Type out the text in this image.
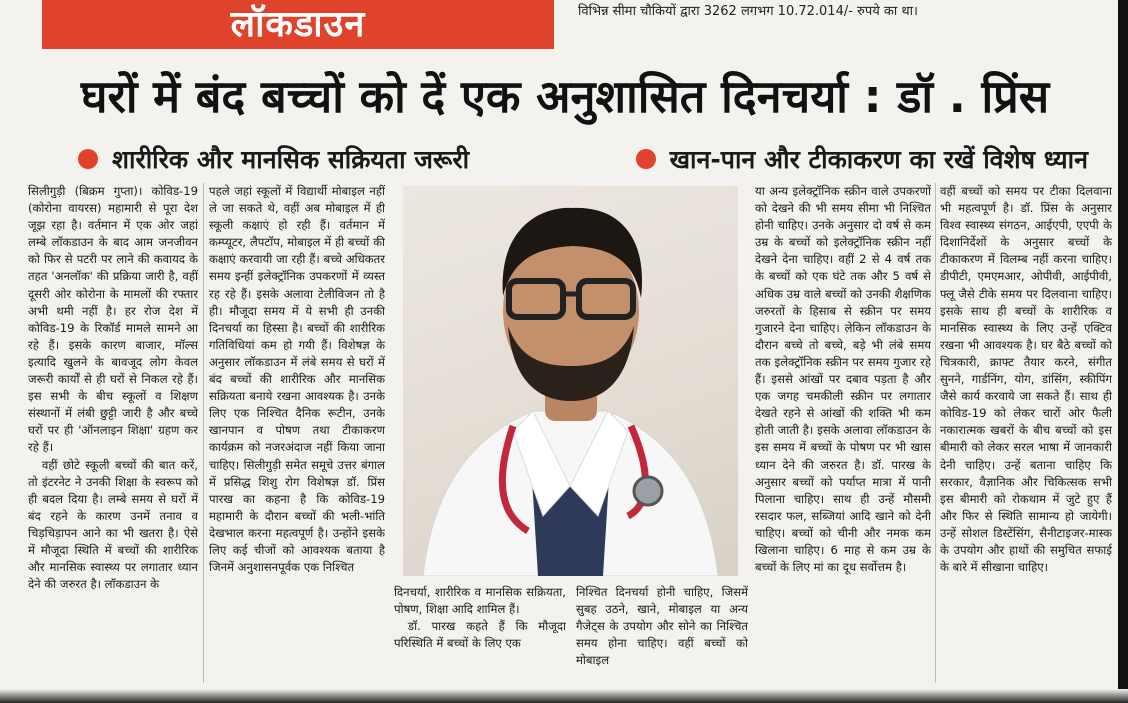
लॉकडाउन	विभिन्न सीमा चौकियों द्वारा 3262 लगभग 10.72.014/- रुपये का था।
घरों में बंद बच्चों को दें एक अनुशासित दिनचर्या : डॉ . प्रिंस
शारीरिक और मानसिक सक्रियता जरूरी	खान-पान और टीकाकरण का रखें विशेष ध्यान

सिलीगुड़ी (बिक्रम गुप्ता)। कोविड-19 (कोरोना वायरस) महामारी से पूरा देश जूझ रहा है। वर्तमान में एक ओर जहां लम्बे लॉकडाउन के बाद आम जनजीवन को फिर से पटरी पर लाने की कवायद के तहत 'अनलॉक' की प्रक्रिया जारी है, वहीं दूसरी ओर कोरोना के मामलों की रफ्तार अभी थमी नहीं है। हर रोज देश में कोविड-19 के रिकॉर्ड मामले सामने आ रहे हैं। इसके कारण बाजार, मॉल्स इत्यादि खुलने के बावजूद लोग केवल जरूरी कार्यों से ही घरों से निकल रहे हैं। इस सभी के बीच स्कूलों व शिक्षण संस्थानों में लंबी छुट्टी जारी है और बच्चे घरों पर ही 'ऑनलाइन शिक्षा' ग्रहण कर रहे हैं।

वहीं छोटे स्कूली बच्चों की बात करें, तो इंटरनेट ने उनकी शिक्षा के स्वरूप को ही बदल दिया है। लम्बे समय से घरों में बंद रहने के कारण उनमें तनाव व चिड़चिड़ापन आने का भी खतरा है। ऐसे में मौजूदा स्थिति में बच्चों की शारीरिक और मानसिक स्वास्थ्य पर लगातार ध्यान देने की जरुरत है। लॉकडाउन के

पहले जहां स्कूलों में विद्यार्थी मोबाइल नहीं ले जा सकते थे, वहीं अब मोबाइल में ही स्कूली कक्षाएं हो रही हैं। वर्तमान में कम्प्यूटर, लैपटॉप, मोबाइल में ही बच्चों की कक्षाएं करवायी जा रही हैं। बच्चे अधिकतर समय इन्हीं इलेक्ट्रॉनिक उपकरणों में व्यस्त रह रहे हैं। इसके अलावा टेलीविजन तो है ही। मौजूदा समय में ये सभी ही उनकी दिनचर्या का हिस्सा है। बच्चों की शारीरिक गतिविधियां कम हो गयी हैं। विशेषज्ञ के अनुसार लॉकडाउन में लंबे समय से घरों में बंद बच्चों की शारीरिक और मानसिक सक्रियता बनाये रखना आवश्यक है। उनके लिए एक निश्चित दैनिक रूटीन, उनके खानपान व पोषण तथा टीकाकरण कार्यक्रम को नजरअंदाज नहीं किया जाना चाहिए। सिलीगुड़ी समेत समूचे उत्तर बंगाल में प्रसिद्ध शिशु रोग विशेषज्ञ डॉ. प्रिंस पारख का कहना है कि कोविड-19 महामारी के दौरान बच्चों की भली-भांति देखभाल करना महत्वपूर्ण है। उन्होंने इसके लिए कई चीजों को आवश्यक बताया है जिनमें अनुशासनपूर्वक एक निश्चित

दिनचर्या, शारीरिक व मानसिक सक्रियता, पोषण, शिक्षा आदि शामिल हैं।

डॉ. पारख कहते हैं कि मौजूदा परिस्थिति में बच्चों के लिए एक

निश्चित दिनचर्या होनी चाहिए, जिसमें सुबह उठने, खाने, मोबाइल या अन्य गैजेट्स के उपयोग और सोने का निश्चित समय होना चाहिए। वहीं बच्चों को मोबाइल

या अन्य इलेक्ट्रॉनिक स्क्रीन वाले उपकरणों को देखने की भी समय सीमा भी निश्चित होनी चाहिए। उनके अनुसार दो वर्ष से कम उम्र के बच्चों को इलेक्ट्रॉनिक स्क्रीन नहीं देखने देना चाहिए। वहीं 2 से 4 वर्ष तक के बच्चों को एक घंटे तक और 5 वर्ष से अधिक उम्र वाले बच्चों को उनकी शैक्षणिक जरुरतों के हिसाब से स्क्रीन पर समय गुजारने देना चाहिए। लेकिन लॉकडाउन के दौरान बच्चे तो बच्चे, बड़े भी लंबे समय तक इलेक्ट्रॉनिक स्क्रीन पर समय गुजार रहे हैं। इससे आंखों पर दबाव पड़ता है और एक जगह चमकीली स्क्रीन पर लगातार देखते रहने से आंखों की शक्ति भी कम होती जाती है। इसके अलावा लॉकडाउन के इस समय में बच्चों के पोषण पर भी खास ध्यान देने की जरुरत है। डॉ. पारख के अनुसार बच्चों को पर्याप्त मात्रा में पानी पिलाना चाहिए। साथ ही उन्हें मौसमी रसदार फल, सब्जियां आदि खाने को देनी चाहिए। बच्चों को चीनी और नमक कम खिलाना चाहिए। 6 माह से कम उम्र के बच्चों के लिए मां का दूध सर्वोत्तम है।

वहीं बच्चों को समय पर टीका दिलवाना भी महत्वपूर्ण है। डॉ. प्रिंस के अनुसार विश्व स्वास्थ्य संगठन, आईएपी, एएपी के दिशानिर्देशों के अनुसार बच्चों के टीकाकरण में विलम्ब नहीं करना चाहिए। डीपीटी, एमएमआर, ओपीवी, आईपीवी, फ्लू जैसे टीके समय पर दिलवाना चाहिए। इसके साथ ही बच्चों के शारीरिक व मानसिक स्वास्थ्य के लिए उन्हें एक्टिव रखना भी आवश्यक है। घर बैठे बच्चों को चित्रकारी, क्राफ्ट तैयार करने, संगीत सुनने, गार्डनिंग, योग, डांसिंग, स्कीपिंग जैसे कार्य करवाये जा सकते हैं। साथ ही कोविड-19 को लेकर चारों ओर फैली नकारात्मक खबरों के बीच बच्चों को इस बीमारी को लेकर सरल भाषा में जानकारी देनी चाहिए। उन्हें बताना चाहिए कि सरकार, वैज्ञानिक और चिकित्सक सभी इस बीमारी को रोकथाम में जुटे हुए हैं और फिर से स्थिति सामान्य हो जायेगी। उन्हें सोशल डिस्टेंसिंग, सैनीटाइजर-मास्क के उपयोग और हाथों की समुचित सफाई के बारे में सीखाना चाहिए।
